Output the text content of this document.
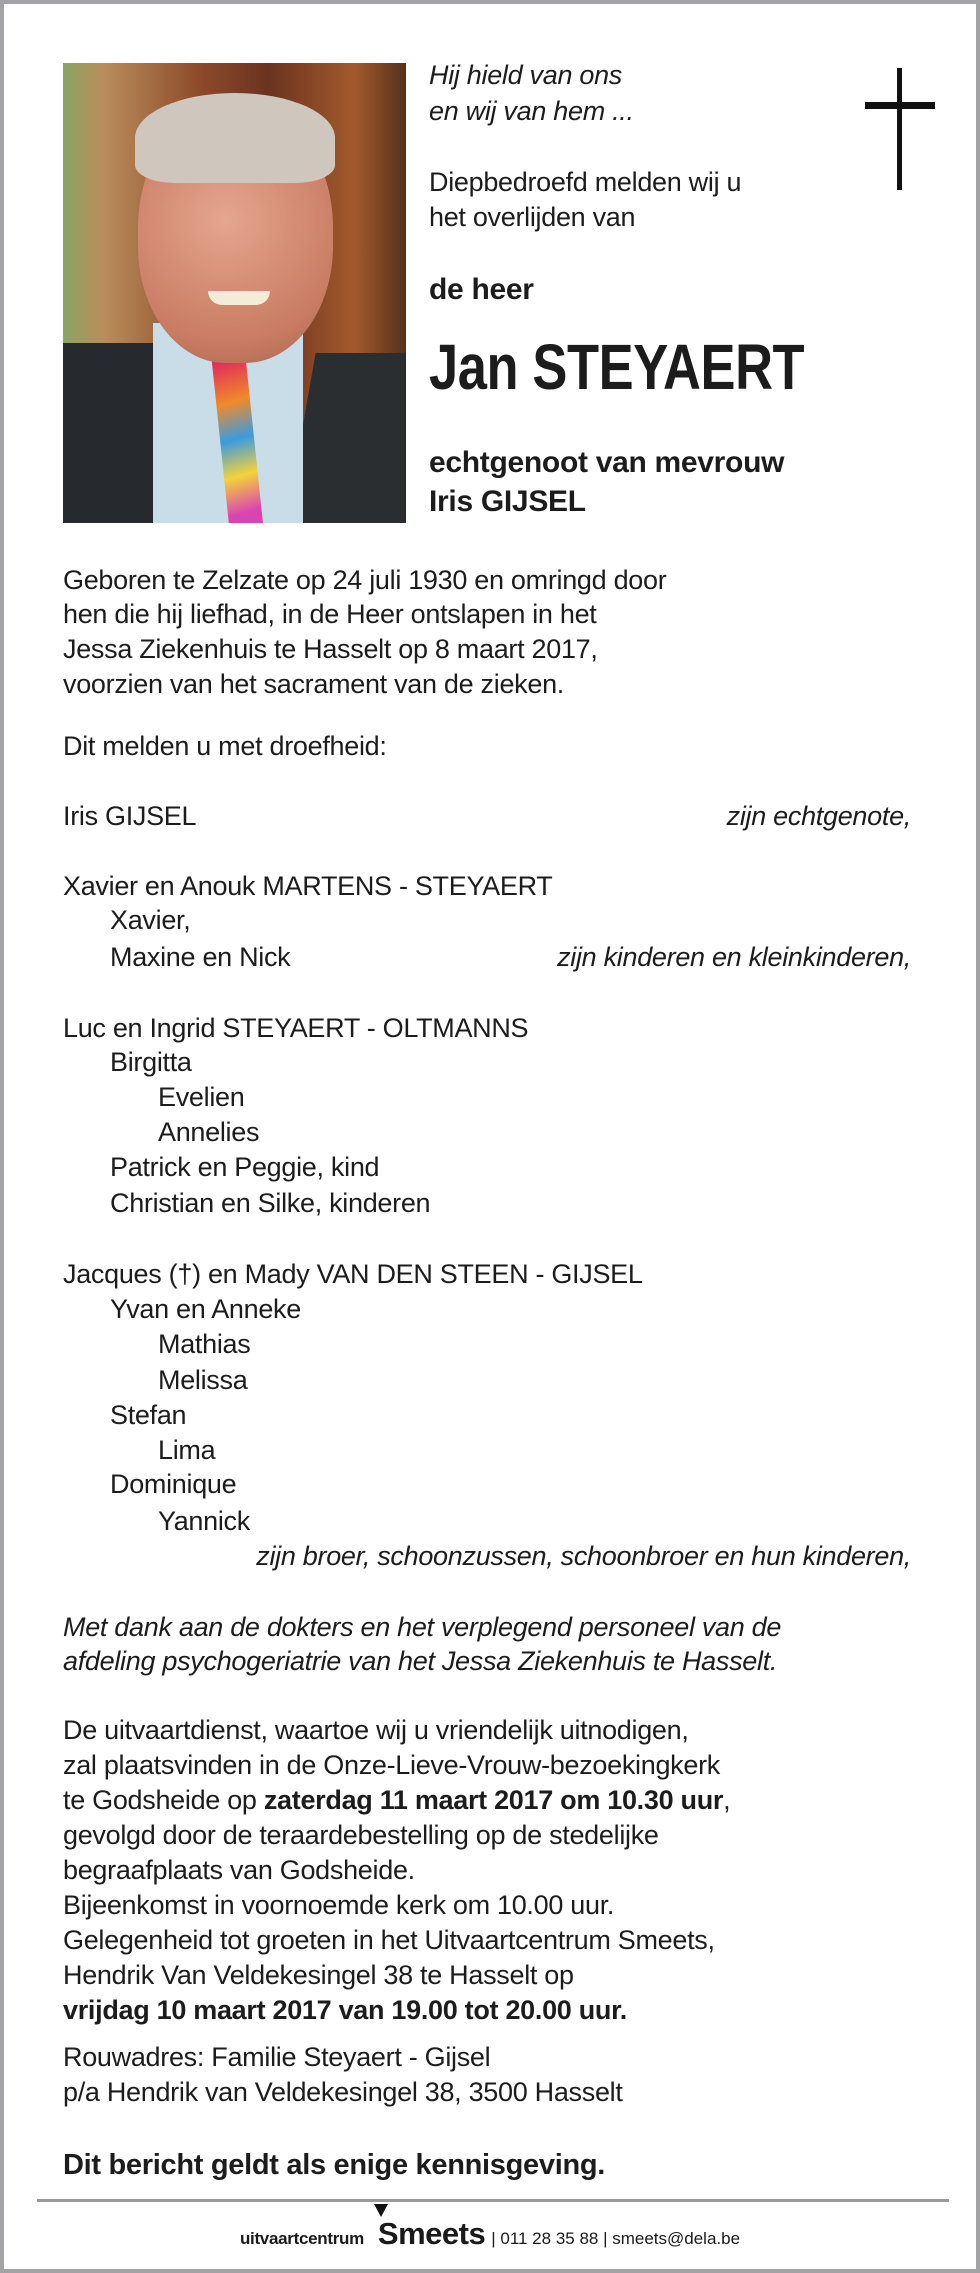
Hij hield van ons
en wij van hem ...
Diepbedroefd melden wij u
het overlijden van
de heer
Jan STEYAERT
echtgenoot van mevrouw
Iris GIJSEL
Geboren te Zelzate op 24 juli 1930 en omringd door
hen die hij liefhad, in de Heer ontslapen in het
Jessa Ziekenhuis te Hasselt op 8 maart 2017,
voorzien van het sacrament van de zieken.
Dit melden u met droefheid:
Iris GIJSEL	zijn echtgenote,
Xavier en Anouk MARTENS - STEYAERT
Xavier,
Maxine en Nick	zijn kinderen en kleinkinderen,
Luc en Ingrid STEYAERT - OLTMANNS
Birgitta
Evelien
Annelies
Patrick en Peggie, kind
Christian en Silke, kinderen
Jacques (†) en Mady VAN DEN STEEN - GIJSEL
Yvan en Anneke
Mathias
Melissa
Stefan
Lima
Dominique
Yannick
zijn broer, schoonzussen, schoonbroer en hun kinderen,
Met dank aan de dokters en het verplegend personeel van de
afdeling psychogeriatrie van het Jessa Ziekenhuis te Hasselt.
De uitvaartdienst, waartoe wij u vriendelijk uitnodigen,
zal plaatsvinden in de Onze-Lieve-Vrouw-bezoekingkerk
te Godsheide op zaterdag 11 maart 2017 om 10.30 uur,
gevolgd door de teraardebestelling op de stedelijke
begraafplaats van Godsheide.
Bijeenkomst in voornoemde kerk om 10.00 uur.
Gelegenheid tot groeten in het Uitvaartcentrum Smeets,
Hendrik Van Veldekesingel 38 te Hasselt op
vrijdag 10 maart 2017 van 19.00 tot 20.00 uur.
Rouwadres: Familie Steyaert - Gijsel
p/a Hendrik van Veldekesingel 38, 3500 Hasselt
Dit bericht geldt als enige kennisgeving.
uitvaartcentrum Smeets | 011 28 35 88 | smeets@dela.be
